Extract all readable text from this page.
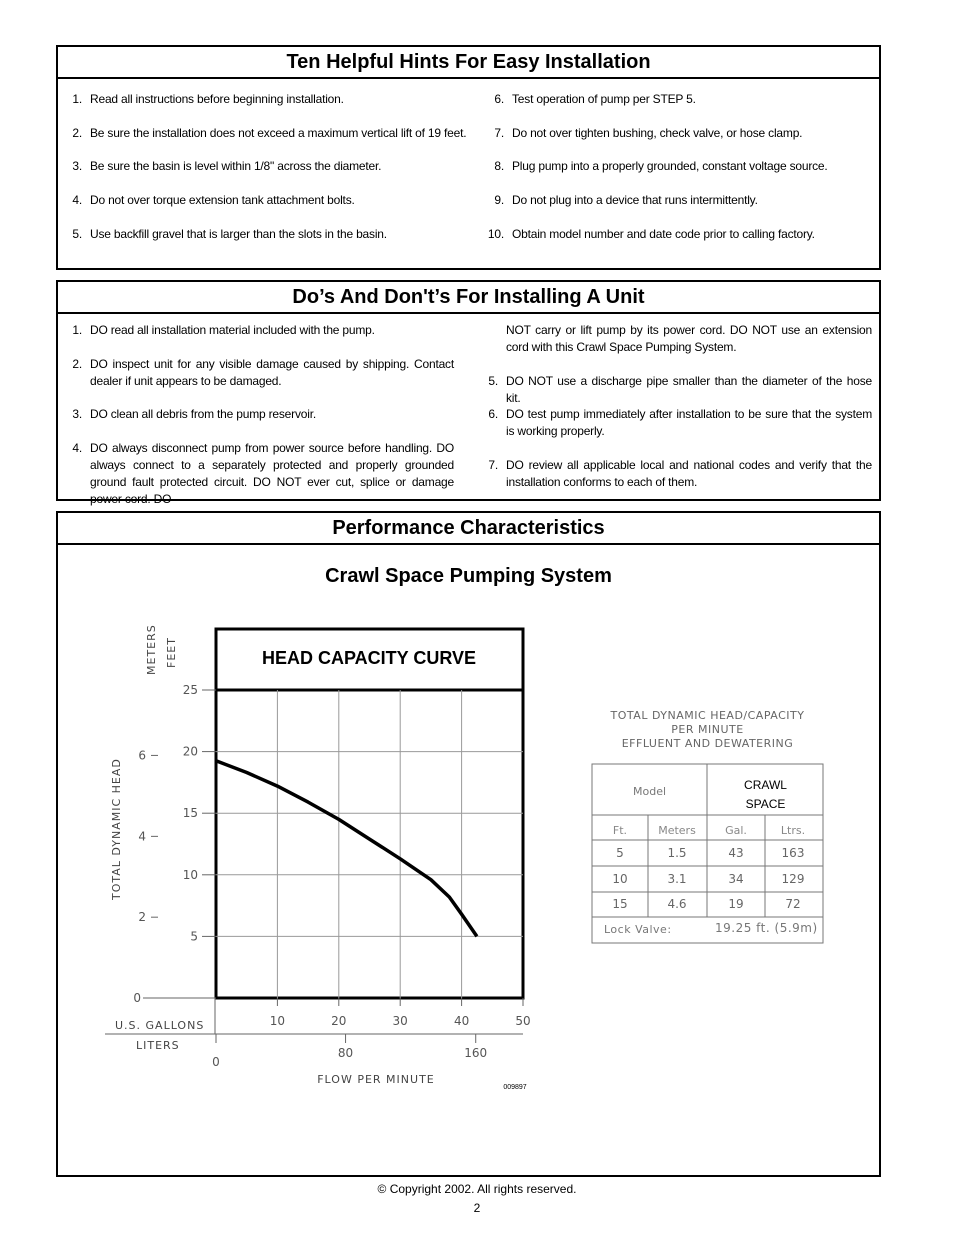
Ten Helpful Hints For Easy Installation
1. Read all instructions before beginning installation.
2. Be sure the installation does not exceed a maximum vertical lift of 19 feet.
3. Be sure the basin is level within 1/8" across the diameter.
4. Do not over torque extension tank attachment bolts.
5. Use backfill gravel that is larger than the slots in the basin.
6. Test operation of pump per STEP 5.
7. Do not over tighten bushing, check valve, or hose clamp.
8. Plug pump into a properly grounded, constant voltage source.
9. Do not plug into a device that runs intermittently.
10. Obtain model number and date code prior to calling factory.
Do’s And Don't’s For Installing A Unit
1. DO read all installation material included with the pump.
2. DO inspect unit for any visible damage caused by shipping. Contact dealer if unit appears to be damaged.
3. DO clean all debris from the pump reservoir.
4. DO always disconnect pump from power source before handling. DO always connect to a separately protected and properly grounded ground fault protected circuit. DO NOT ever cut, splice or damage power cord. DO
NOT carry or lift pump by its power cord. DO NOT use an extension cord with this Crawl Space Pumping System.
5. DO NOT use a discharge pipe smaller than the diameter of the hose kit.
6. DO test pump immediately after installation to be sure that the system is working properly.
7. DO review all applicable local and national codes and verify that the installation conforms to each of them.
Performance Characteristics
Crawl Space Pumping System
HEAD CAPACITY CURVE
10	20	30	40	50
5
10
15
20
25
0
2
4
6
0
80	160
METERS FEET
TOTAL DYNAMIC HEAD
U.S. GALLONS
LITERS
FLOW PER MINUTE
009897
TOTAL DYNAMIC HEAD/CAPACITY
PER MINUTE
EFFLUENT AND DEWATERING
Ft.	Meters	Gal.	Ltrs.
5	1.5	43	163
10	3.1	34	129
15	4.6	19	72
Model	CRAWL
SPACE
Lock Valve:	19.25 ft. (5.9m)
© Copyright 2002. All rights reserved.
2
